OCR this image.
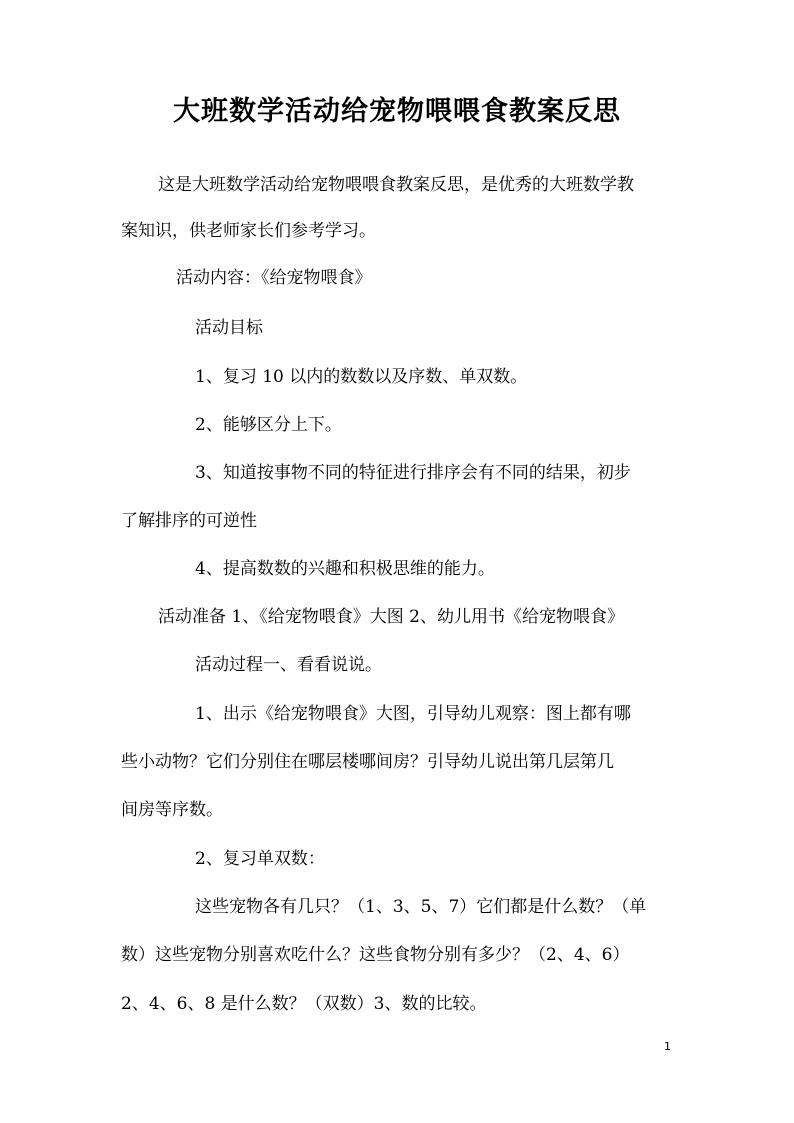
大班数学活动给宠物喂喂食教案反思

这是大班数学活动给宠物喂喂食教案反思，是优秀的大班数学教

案知识，供老师家长们参考学习。

活动内容：《给宠物喂食》

活动目标

1、复习 10 以内的数数以及序数、单双数。

2、能够区分上下。

3、知道按事物不同的特征进行排序会有不同的结果，初步

了解排序的可逆性

4、提高数数的兴趣和积极思维的能力。

活动准备 1、《给宠物喂食》大图 2、幼儿用书《给宠物喂食》

活动过程一、看看说说。

1、出示《给宠物喂食》大图，引导幼儿观察：图上都有哪

些小动物？它们分别住在哪层楼哪间房？引导幼儿说出第几层第几

间房等序数。

2、复习单双数：

这些宠物各有几只？（1、3、5、7）它们都是什么数？（单

数）这些宠物分别喜欢吃什么？这些食物分别有多少？（2、4、6）

2、4、6、8 是什么数？（双数）3、数的比较。

1
